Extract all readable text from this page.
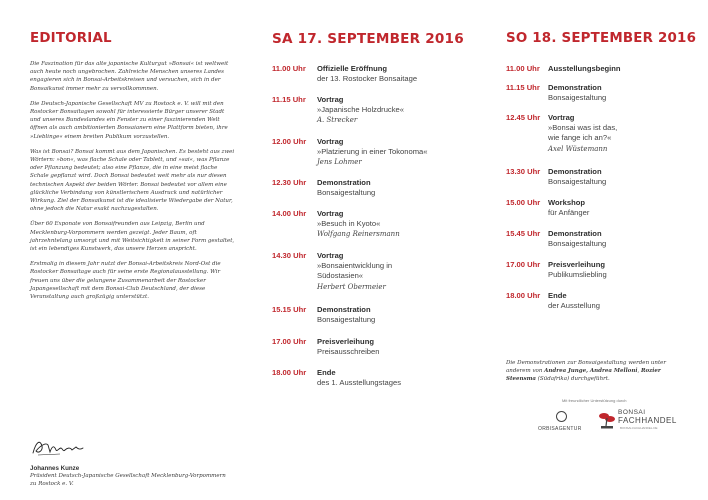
EDITORIAL

Die Faszination für das alte japanische Kulturgut »Bonsai« ist weltweit auch heute noch ungebrochen. Zahlreiche Menschen unseres Landes engagieren sich in Bonsai-Arbeitskreisen und versuchen, sich in der Bonsaikunst immer mehr zu vervollkommnen.

Die Deutsch-Japanische Gesellschaft MV zu Rostock e. V. will mit den Rostocker Bonsaitagen sowohl für interessierte Bürger unserer Stadt und unseres Bundeslandes ein Fenster zu einer faszinierenden Welt öffnen als auch ambitionierten Bonsaianern eine Plattform bieten, ihre »Lieblinge« einem breiten Publikum vorzustellen.

Was ist Bonsai? Bonsai kommt aus dem Japanischen. Es besteht aus zwei Wörtern: »bon«, was flache Schale oder Tablett, und »sai«, was Pflanze oder Pflanzung bedeutet; also eine Pflanze, die in eine meist flache Schale gepflanzt wird. Doch Bonsai bedeutet weit mehr als nur diesen technischen Aspekt der beiden Wörter. Bonsai bedeutet vor allem eine glückliche Verbindung von künstlerischem Ausdruck und natürlicher Wirkung. Ziel der Bonsaikunst ist die idealisierte Wiedergabe der Natur, ohne jedoch die Natur exakt nachzugestalten.

Über 60 Exponate von Bonsaifreunden aus Leipzig, Berlin und Mecklenburg-Vorpommern werden gezeigt. Jeder Baum, oft jahrzehntelang umsorgt und mit Weitsichtigkeit in seiner Form gestaltet, ist ein lebendiges Kunstwerk, das unsere Herzen anspricht.

Erstmalig in diesem Jahr nutzt der Bonsai-Arbeitskreis Nord-Ost die Rostocker Bonsaitage auch für seine erste Regionalausstellung. Wir freuen uns über die gelungene Zusammenarbeit der Rostocker Japangesellschaft mit dem Bonsai-Club Deutschland, der diese Veranstaltung auch großzügig unterstützt.

Johannes Kunze
Präsident Deutsch-Japanische Gesellschaft Mecklenburg-Vorpommern zu Rostock e. V.
SA 17. SEPTEMBER 2016
11.00 Uhr Offizielle Eröffnung
der 13. Rostocker Bonsaitage
11.15 Uhr Vortrag
»Japanische Holzdrucke«
A. Strecker
12.00 Uhr Vortrag
»Platzierung in einer Tokonoma«
Jens Lohmer
12.30 Uhr Demonstration
Bonsaigestaltung
14.00 Uhr Vortrag
»Besuch in Kyoto«
Wolfgang Reinersmann
14.30 Uhr Vortrag
»Bonsaientwicklung in
Südostasien«
Herbert Obermeier
15.15 Uhr Demonstration
Bonsaigestaltung
17.00 Uhr Preisverleihung
Preisausschreiben
18.00 Uhr Ende
des 1. Ausstellungstages
SO 18. SEPTEMBER 2016
11.00 Uhr Ausstellungsbeginn
11.15 Uhr Demonstration
Bonsaigestaltung
12.45 Uhr Vortrag
»Bonsai was ist das,
wie fange ich an?«
Axel Wüstemann
13.30 Uhr Demonstration
Bonsaigestaltung
15.00 Uhr Workshop
für Anfänger
15.45 Uhr Demonstration
Bonsaigestaltung
17.00 Uhr Preisverleihung
Publikumsliebling
18.00 Uhr Ende
der Ausstellung
Die Demonstrationen zur Bonsaigestaltung werden unter anderem von Andrea Junge, Andrea Melloni, Rozier Steensma (Südafrika) durchgeführt.
Mit freundlicher Unterstützung durch
ORBISAGENTUR
BONSAI
FACHHANDEL
BONSAI-FACHHANDEL.DE
